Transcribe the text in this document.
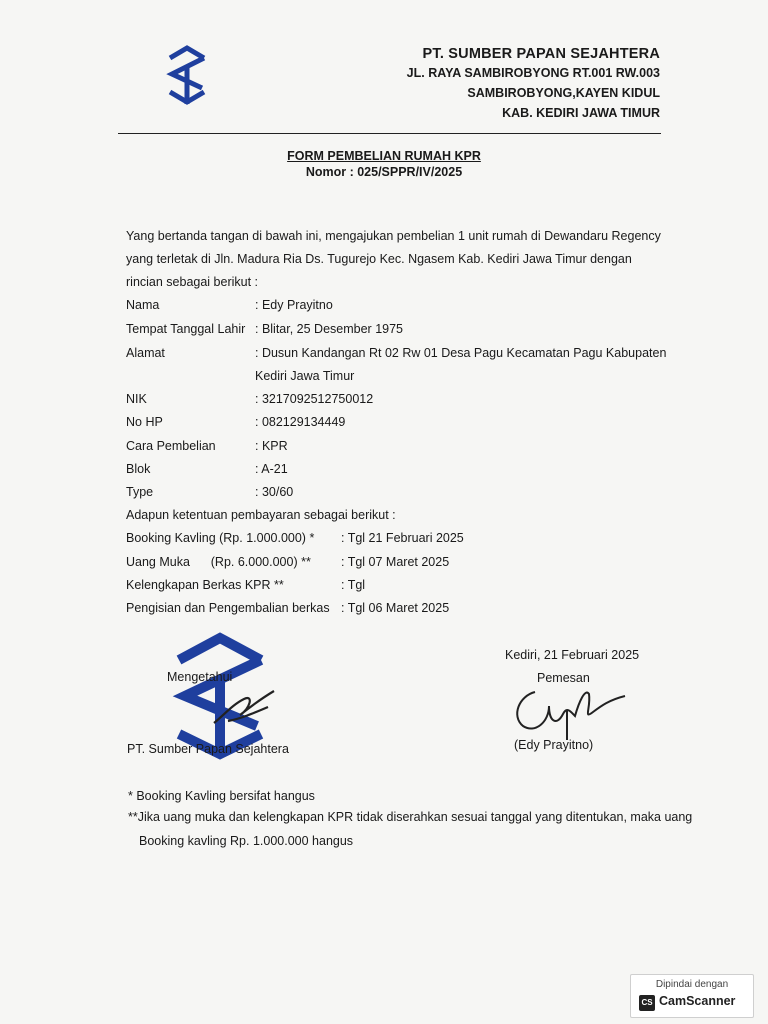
PT. SUMBER PAPAN SEJAHTERA
JL. RAYA SAMBIROBYONG RT.001 RW.003
SAMBIROBYONG,KAYEN KIDUL
KAB. KEDIRI JAWA TIMUR
FORM PEMBELIAN RUMAH KPR
Nomor : 025/SPPR/IV/2025
Yang bertanda tangan di bawah ini, mengajukan pembelian 1 unit rumah di Dewandaru Regency yang terletak di Jln. Madura Ria Ds. Tugurejo Kec. Ngasem Kab. Kediri Jawa Timur dengan rincian sebagai berikut :
Nama	: Edy Prayitno
Tempat Tanggal Lahir : Blitar, 25 Desember 1975
Alamat	: Dusun Kandangan Rt 02 Rw 01 Desa Pagu Kecamatan Pagu Kabupaten
Kediri Jawa Timur
NIK	: 3217092512750012
No HP	: 082129134449
Cara Pembelian	: KPR
Blok	: A-21
Type	: 30/60
Adapun ketentuan pembayaran sebagai berikut :
Booking Kavling (Rp. 1.000.000) * : Tgl 21 Februari 2025
Uang Muka      (Rp. 6.000.000) ** : Tgl 07 Maret 2025
Kelengkapan Berkas KPR **	: Tgl
Pengisian dan Pengembalian berkas : Tgl 06 Maret 2025
Mengetahui
PT. Sumber Papan Sejahtera
Kediri, 21 Februari 2025
Pemesan
(Edy Prayitno)
* Booking Kavling bersifat hangus
**Jika uang muka dan kelengkapan KPR tidak diserahkan sesuai tanggal yang ditentukan, maka uang
Booking kavling Rp. 1.000.000 hangus
Dipindai dengan
CS CamScanner
